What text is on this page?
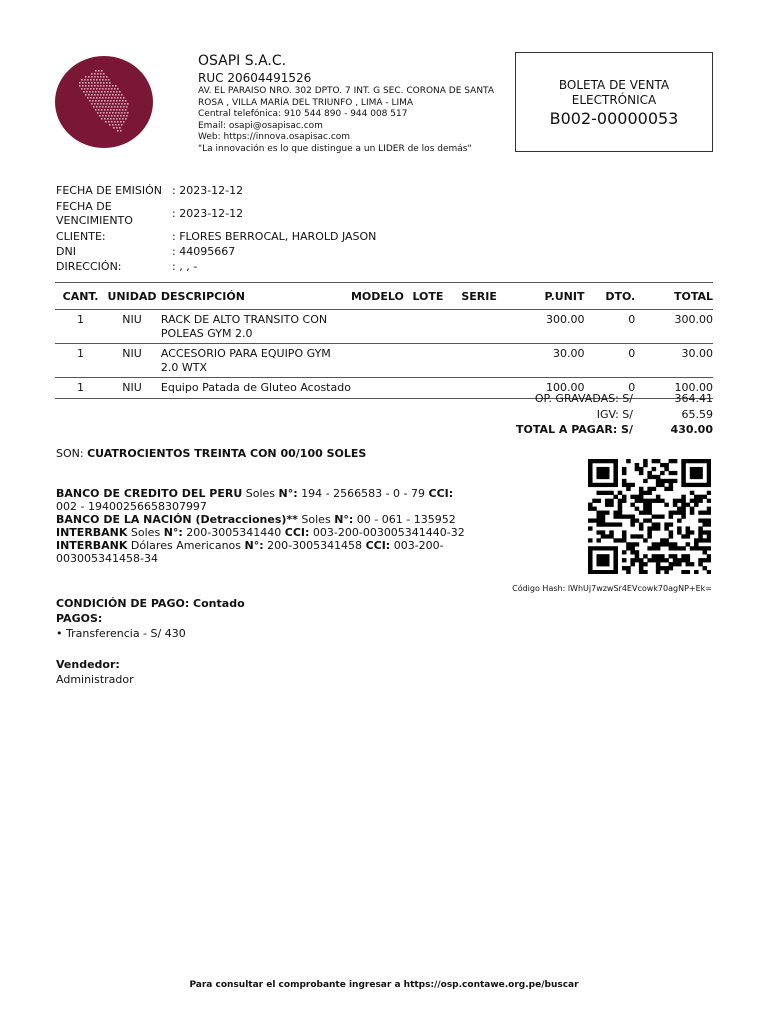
OSAPI S.A.C.
RUC 20604491526
AV. EL PARAISO NRO. 302 DPTO. 7 INT. G SEC. CORONA DE SANTA
ROSA , VILLA MARÍA DEL TRIUNFO , LIMA - LIMA
Central telefónica: 910 544 890 - 944 008 517
Email: osapi@osapisac.com
Web: https://innova.osapisac.com
"La innovación es lo que distingue a un LIDER de los demás"
BOLETA DE VENTA
ELECTRÓNICA
B002-00000053
FECHA DE EMISIÓN : 2023-12-12
FECHA DE VENCIMIENTO
: 2023-12-12
CLIENTE:	: FLORES BERROCAL, HAROLD JASON
DNI	: 44095667
DIRECCIÓN:	: , , -
CANT.	UNIDAD	DESCRIPCIÓN	MODELO	LOTE	SERIE	P.UNIT	DTO.	TOTAL
1	NIU	RACK DE ALTO TRANSITO CON POLEAS GYM 2.0				300.00	0	300.00
1	NIU	ACCESORIO PARA EQUIPO GYM 2.0 WTX				30.00	0	30.00
1	NIU	Equipo Patada de Gluteo Acostado				100.00	0	100.00
OP. GRAVADAS: S/	364.41
IGV: S/	65.59
TOTAL A PAGAR: S/	430.00
SON: CUATROCIENTOS TREINTA CON 00/100 SOLES
BANCO DE CREDITO DEL PERU Soles N°: 194 - 2566583 - 0 - 79 CCI: 002 - 19400256658307997
BANCO DE LA NACIÓN (Detracciones)** Soles N°: 00 - 061 - 135952
INTERBANK Soles N°: 200-3005341440 CCI: 003-200-003005341440-32
INTERBANK Dólares Americanos N°: 200-3005341458 CCI: 003-200-003005341458-34
Código Hash: lWhUj7wzwSr4EVcowk70agNP+Ek=
CONDICIÓN DE PAGO: Contado
PAGOS:
• Transferencia - S/ 430
Vendedor:
Administrador
Para consultar el comprobante ingresar a https://osp.contawe.org.pe/buscar
